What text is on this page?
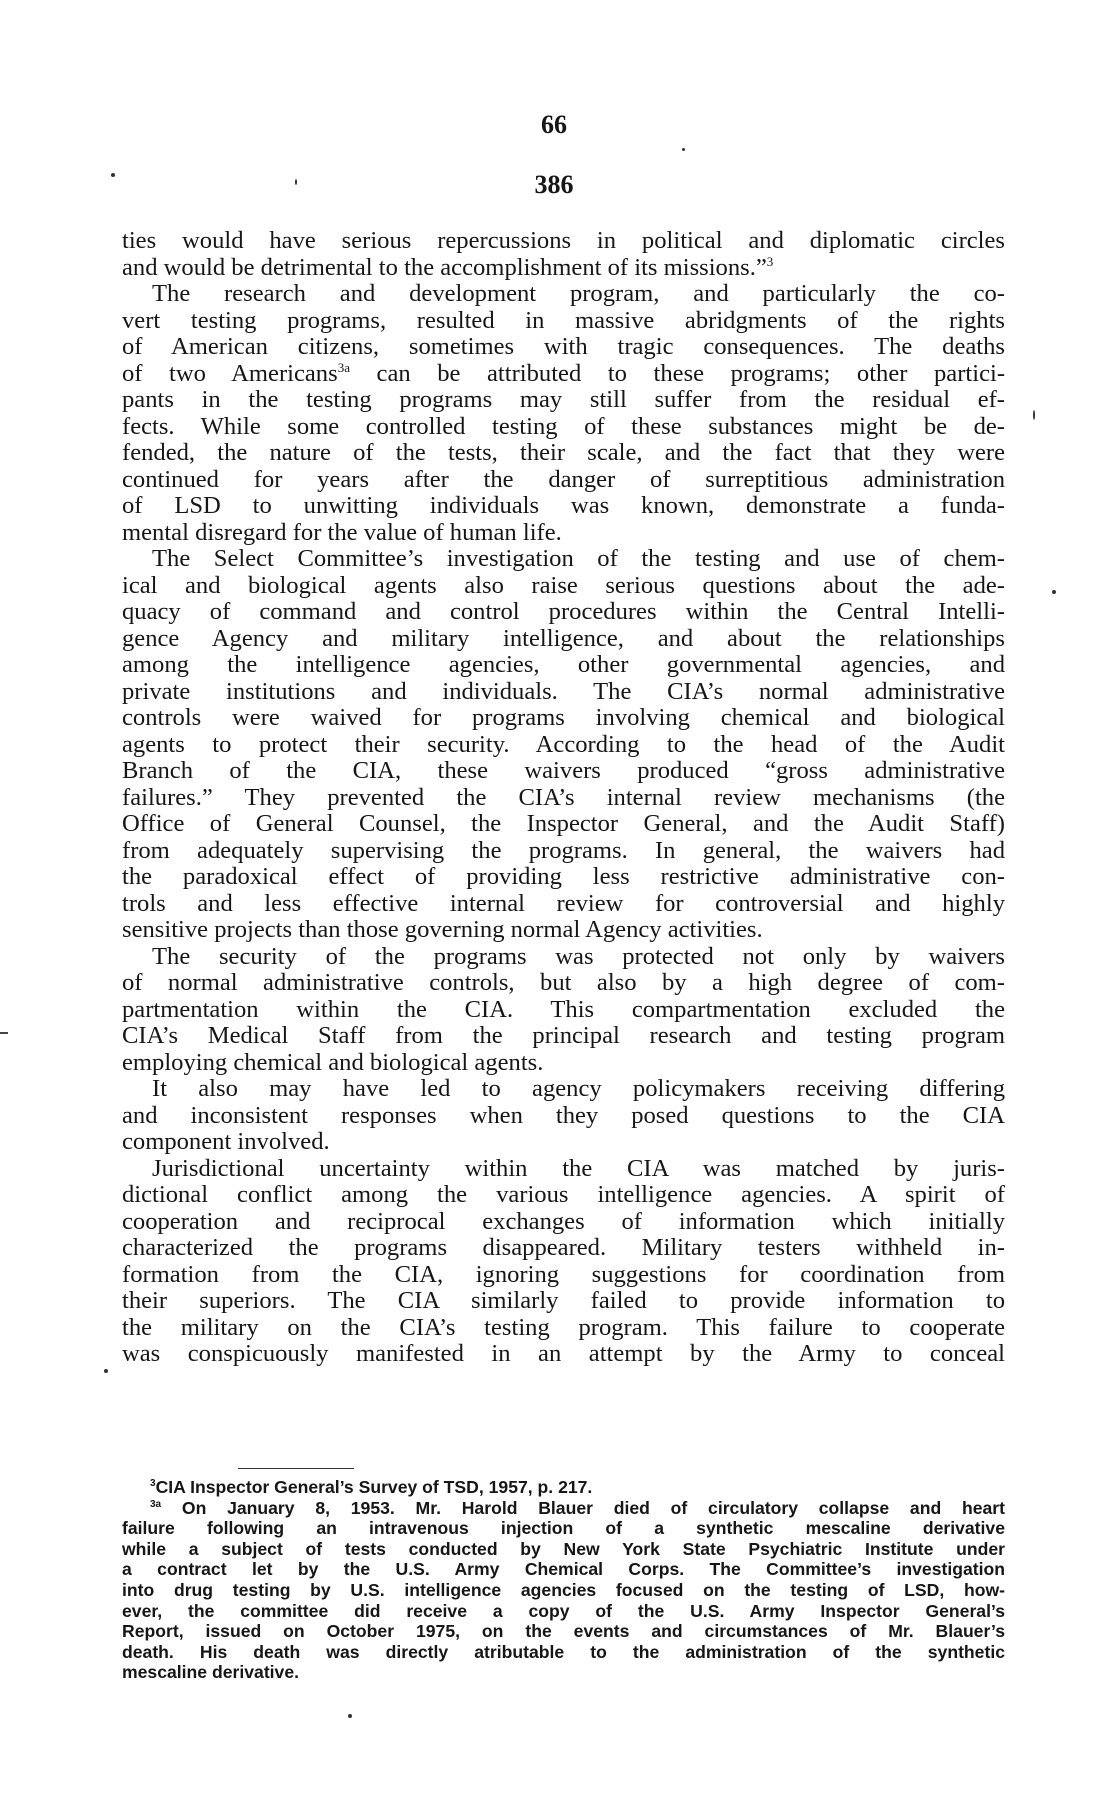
66
386
ties would have serious repercussions in political and diplomatic circles
and would be detrimental to the accomplishment of its missions.”$^3$
The research and development program, and particularly the co-
vert testing programs, resulted in massive abridgments of the rights
of American citizens, sometimes with tragic consequences. The deaths
of two Americans$^{3a}$ can be attributed to these programs; other partici-
pants in the testing programs may still suffer from the residual ef-
fects. While some controlled testing of these substances might be de-
fended, the nature of the tests, their scale, and the fact that they were
continued for years after the danger of surreptitious administration
of LSD to unwitting individuals was known, demonstrate a funda-
mental disregard for the value of human life.
The Select Committee’s investigation of the testing and use of chem-
ical and biological agents also raise serious questions about the ade-
quacy of command and control procedures within the Central Intelli-
gence Agency and military intelligence, and about the relationships
among the intelligence agencies, other governmental agencies, and
private institutions and individuals. The CIA’s normal administrative
controls were waived for programs involving chemical and biological
agents to protect their security. According to the head of the Audit
Branch of the CIA, these waivers produced “gross administrative
failures.” They prevented the CIA’s internal review mechanisms (the
Office of General Counsel, the Inspector General, and the Audit Staff)
from adequately supervising the programs. In general, the waivers had
the paradoxical effect of providing less restrictive administrative con-
trols and less effective internal review for controversial and highly
sensitive projects than those governing normal Agency activities.
The security of the programs was protected not only by waivers
of normal administrative controls, but also by a high degree of com-
partmentation within the CIA. This compartmentation excluded the
CIA’s Medical Staff from the principal research and testing program
employing chemical and biological agents.
It also may have led to agency policymakers receiving differing
and inconsistent responses when they posed questions to the CIA
component involved.
Jurisdictional uncertainty within the CIA was matched by juris-
dictional conflict among the various intelligence agencies. A spirit of
cooperation and reciprocal exchanges of information which initially
characterized the programs disappeared. Military testers withheld in-
formation from the CIA, ignoring suggestions for coordination from
their superiors. The CIA similarly failed to provide information to
the military on the CIA’s testing program. This failure to cooperate
was conspicuously manifested in an attempt by the Army to conceal
$^3$CIA Inspector General’s Survey of TSD, 1957, p. 217.
$^{3a}$ On January 8, 1953. Mr. Harold Blauer died of circulatory collapse and heart
failure following an intravenous injection of a synthetic mescaline derivative
while a subject of tests conducted by New York State Psychiatric Institute under
a contract let by the U.S. Army Chemical Corps. The Committee’s investigation
into drug testing by U.S. intelligence agencies focused on the testing of LSD, how-
ever, the committee did receive a copy of the U.S. Army Inspector General’s
Report, issued on October 1975, on the events and circumstances of Mr. Blauer’s
death. His death was directly atributable to the administration of the synthetic
mescaline derivative.
